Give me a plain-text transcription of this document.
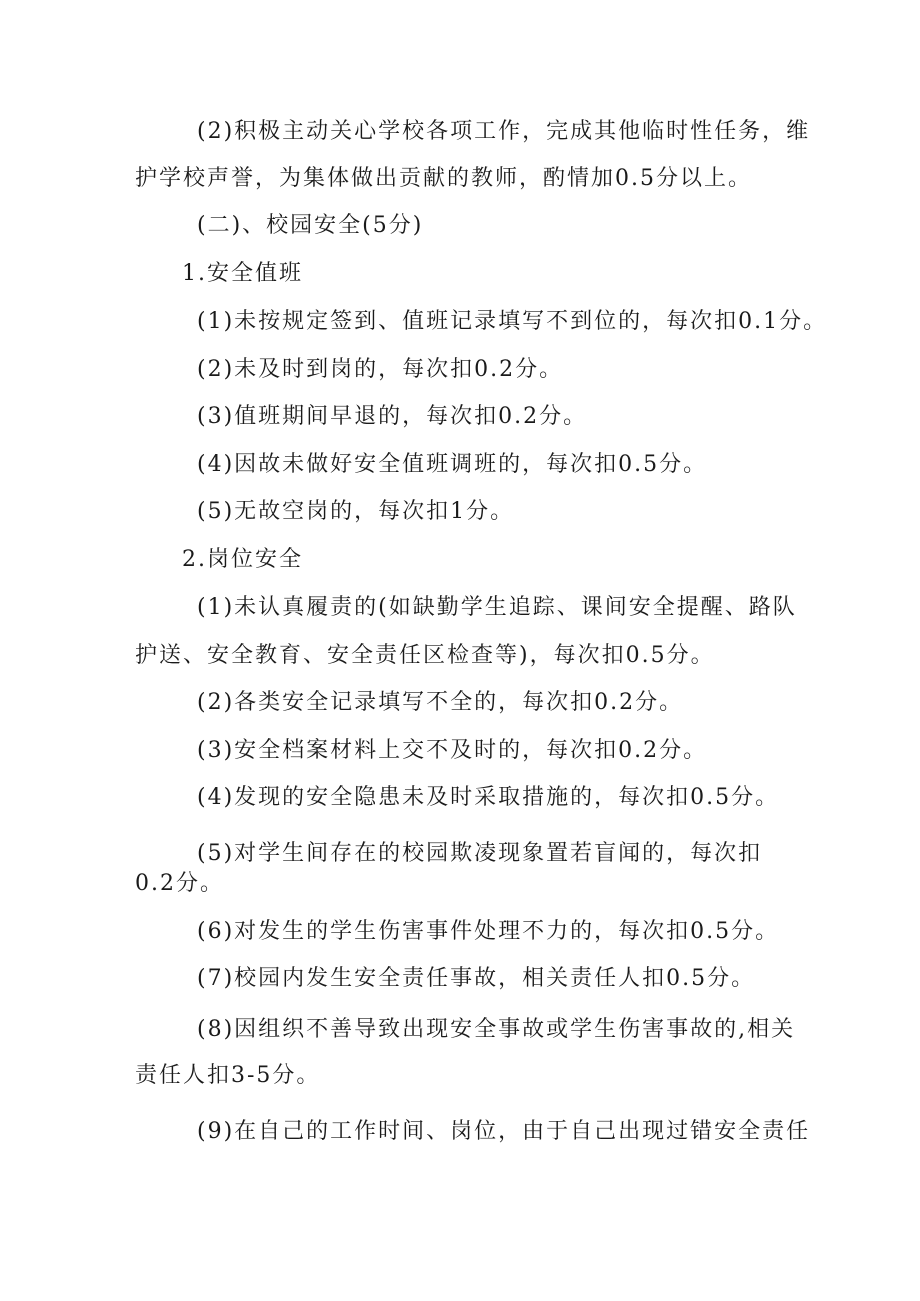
(2)积极主动关心学校各项工作，完成其他临时性任务，维

护学校声誉，为集体做出贡献的教师，酌情加0.5分以上。

(二)、校园安全(5分)

1.安全值班

(1)未按规定签到、值班记录填写不到位的，每次扣0.1分。

(2)未及时到岗的，每次扣0.2分。

(3)值班期间早退的，每次扣0.2分。

(4)因故未做好安全值班调班的，每次扣0.5分。

(5)无故空岗的，每次扣1分。

2.岗位安全

(1)未认真履责的(如缺勤学生追踪、课间安全提醒、路队

护送、安全教育、安全责任区检查等)，每次扣0.5分。

(2)各类安全记录填写不全的，每次扣0.2分。

(3)安全档案材料上交不及时的，每次扣0.2分。

(4)发现的安全隐患未及时采取措施的，每次扣0.5分。

(5)对学生间存在的校园欺凌现象置若盲闻的，每次扣

0.2分。

(6)对发生的学生伤害事件处理不力的，每次扣0.5分。

(7)校园内发生安全责任事故，相关责任人扣0.5分。

(8)因组织不善导致出现安全事故或学生伤害事故的,相关

责任人扣3-5分。

(9)在自己的工作时间、岗位，由于自己出现过错安全责任
